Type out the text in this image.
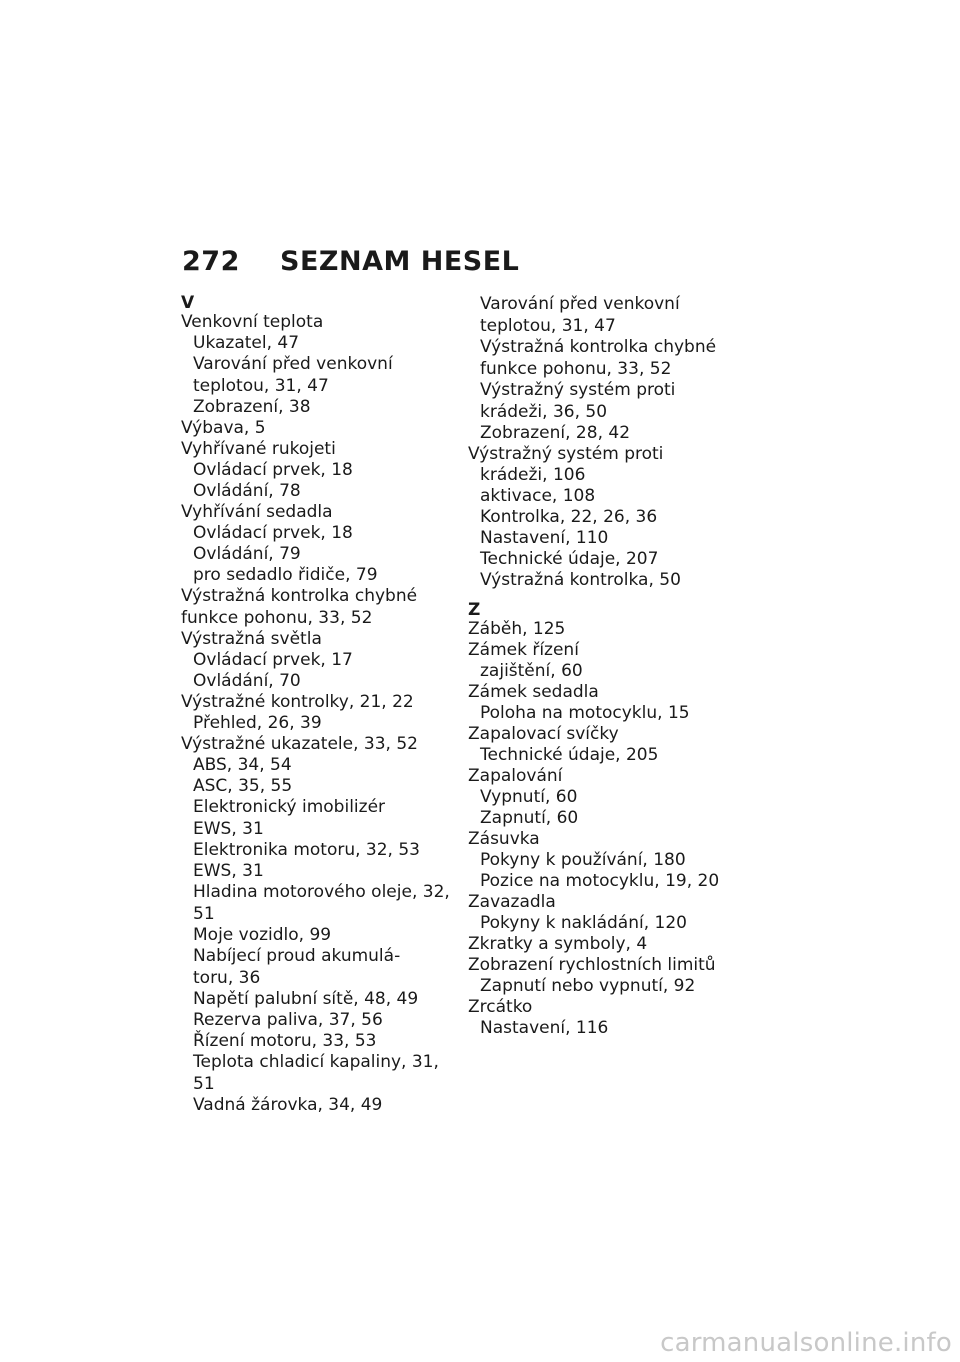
272 SEZNAM HESEL
V
Venkovní teplota
Ukazatel, 47
Varování před venkovní
teplotou, 31, 47
Zobrazení, 38
Výbava, 5
Vyhřívané rukojeti
Ovládací prvek, 18
Ovládání, 78
Vyhřívání sedadla
Ovládací prvek, 18
Ovládání, 79
pro sedadlo řidiče, 79
Výstražná kontrolka chybné
funkce pohonu, 33, 52
Výstražná světla
Ovládací prvek, 17
Ovládání, 70
Výstražné kontrolky, 21, 22
Přehled, 26, 39
Výstražné ukazatele, 33, 52
ABS, 34, 54
ASC, 35, 55
Elektronický imobilizér
EWS, 31
Elektronika motoru, 32, 53
EWS, 31
Hladina motorového oleje, 32,
51
Moje vozidlo, 99
Nabíjecí proud akumulá-
toru, 36
Napětí palubní sítě, 48, 49
Rezerva paliva, 37, 56
Řízení motoru, 33, 53
Teplota chladicí kapaliny, 31,
51
Vadná žárovka, 34, 49
Varování před venkovní
teplotou, 31, 47
Výstražná kontrolka chybné
funkce pohonu, 33, 52
Výstražný systém proti
krádeži, 36, 50
Zobrazení, 28, 42
Výstražný systém proti
krádeži, 106
aktivace, 108
Kontrolka, 22, 26, 36
Nastavení, 110
Technické údaje, 207
Výstražná kontrolka, 50
Z
Záběh, 125
Zámek řízení
zajištění, 60
Zámek sedadla
Poloha na motocyklu, 15
Zapalovací svíčky
Technické údaje, 205
Zapalování
Vypnutí, 60
Zapnutí, 60
Zásuvka
Pokyny k používání, 180
Pozice na motocyklu, 19, 20
Zavazadla
Pokyny k nakládání, 120
Zkratky a symboly, 4
Zobrazení rychlostních limitů
Zapnutí nebo vypnutí, 92
Zrcátko
Nastavení, 116
carmanualsonline.info
